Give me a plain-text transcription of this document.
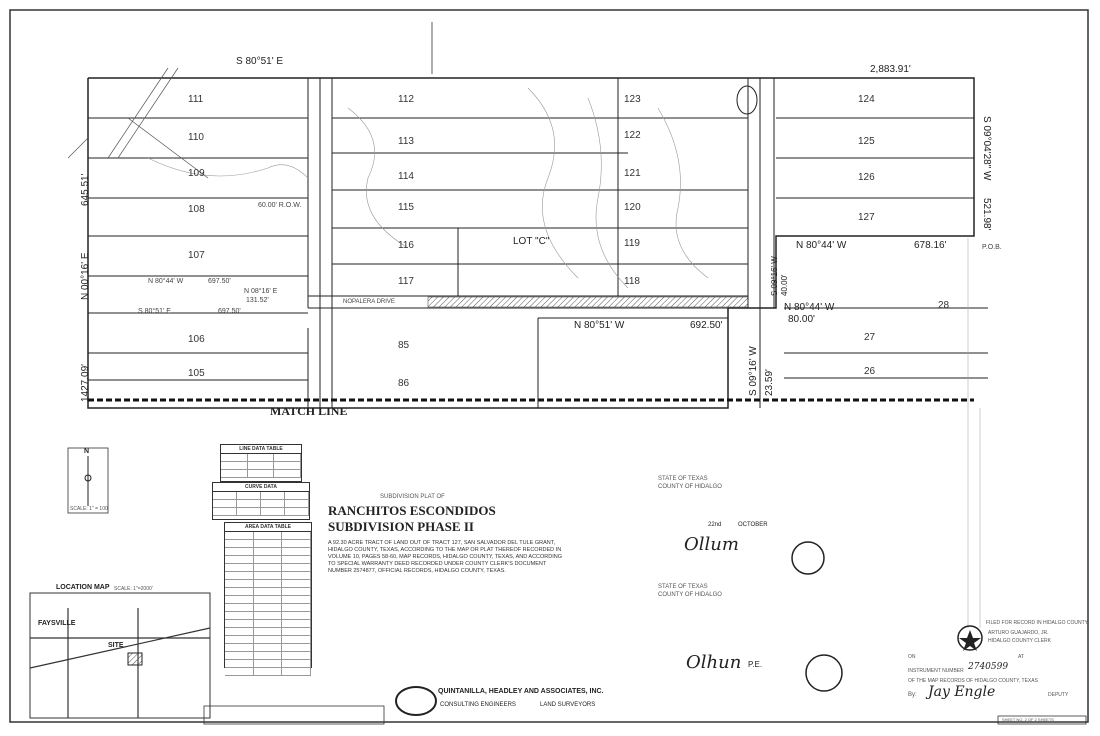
111
110
109
108
107
106
105
112
113
114
115
116
117
85
86
LOT "C"
123
122
121
120
119
118
124
125
126
127
28
27
26
S 80°51' E
2,883.91'
N 00°16' E
645.51'
1427.09'
S 09°04'28" W
521.98'
N 80°44' W	678.16'
N 80°44' W
80.00'
N 80°51' W	692.50'
S 09°16' W 23.59'
S 09°16' W 40.00'
N 80°44' W	697.50'
S 80°51' E	697.50'
N 08°16' E
131.52'
60.00' R.O.W.
NOPALERA DRIVE
P.O.B.
MATCH LINE
N
SCALE: 1" = 100'
LINE DATA TABLE
CURVE DATA
AREA DATA TABLE
SUBDIVISION PLAT OF
RANCHITOS ESCONDIDOS
SUBDIVISION PHASE II
A 92.30 ACRE TRACT OF LAND OUT OF TRACT 127, SAN SALVADOR DEL TULE GRANT, HIDALGO COUNTY, TEXAS, ACCORDING TO THE MAP OR PLAT THEREOF RECORDED IN VOLUME 10, PAGES 58-60, MAP RECORDS, HIDALGO COUNTY, TEXAS, AND ACCORDING TO SPECIAL WARRANTY DEED RECORDED UNDER COUNTY CLERK'S DOCUMENT NUMBER 2574877, OFFICIAL RECORDS, HIDALGO COUNTY, TEXAS.
LOCATION MAP SCALE: 1"=2000'
FAYSVILLE
SITE
QUINTANILLA, HEADLEY AND ASSOCIATES, INC.
CONSULTING ENGINEERS	LAND SURVEYORS
STATE OF TEXAS
COUNTY OF HIDALGO
22nd	OCTOBER
Ollum
STATE OF TEXAS
COUNTY OF HIDALGO
Olhun P.E.
FILED FOR RECORD IN HIDALGO COUNTY
ARTURO GUAJARDO, JR.
HIDALGO COUNTY CLERK
ON	AT
INSTRUMENT NUMBER 2740599
OF THE MAP RECORDS OF HIDALGO COUNTY, TEXAS
By: Jay Engle	DEPUTY
SHEET NO. 2 OF 2 SHEETS
